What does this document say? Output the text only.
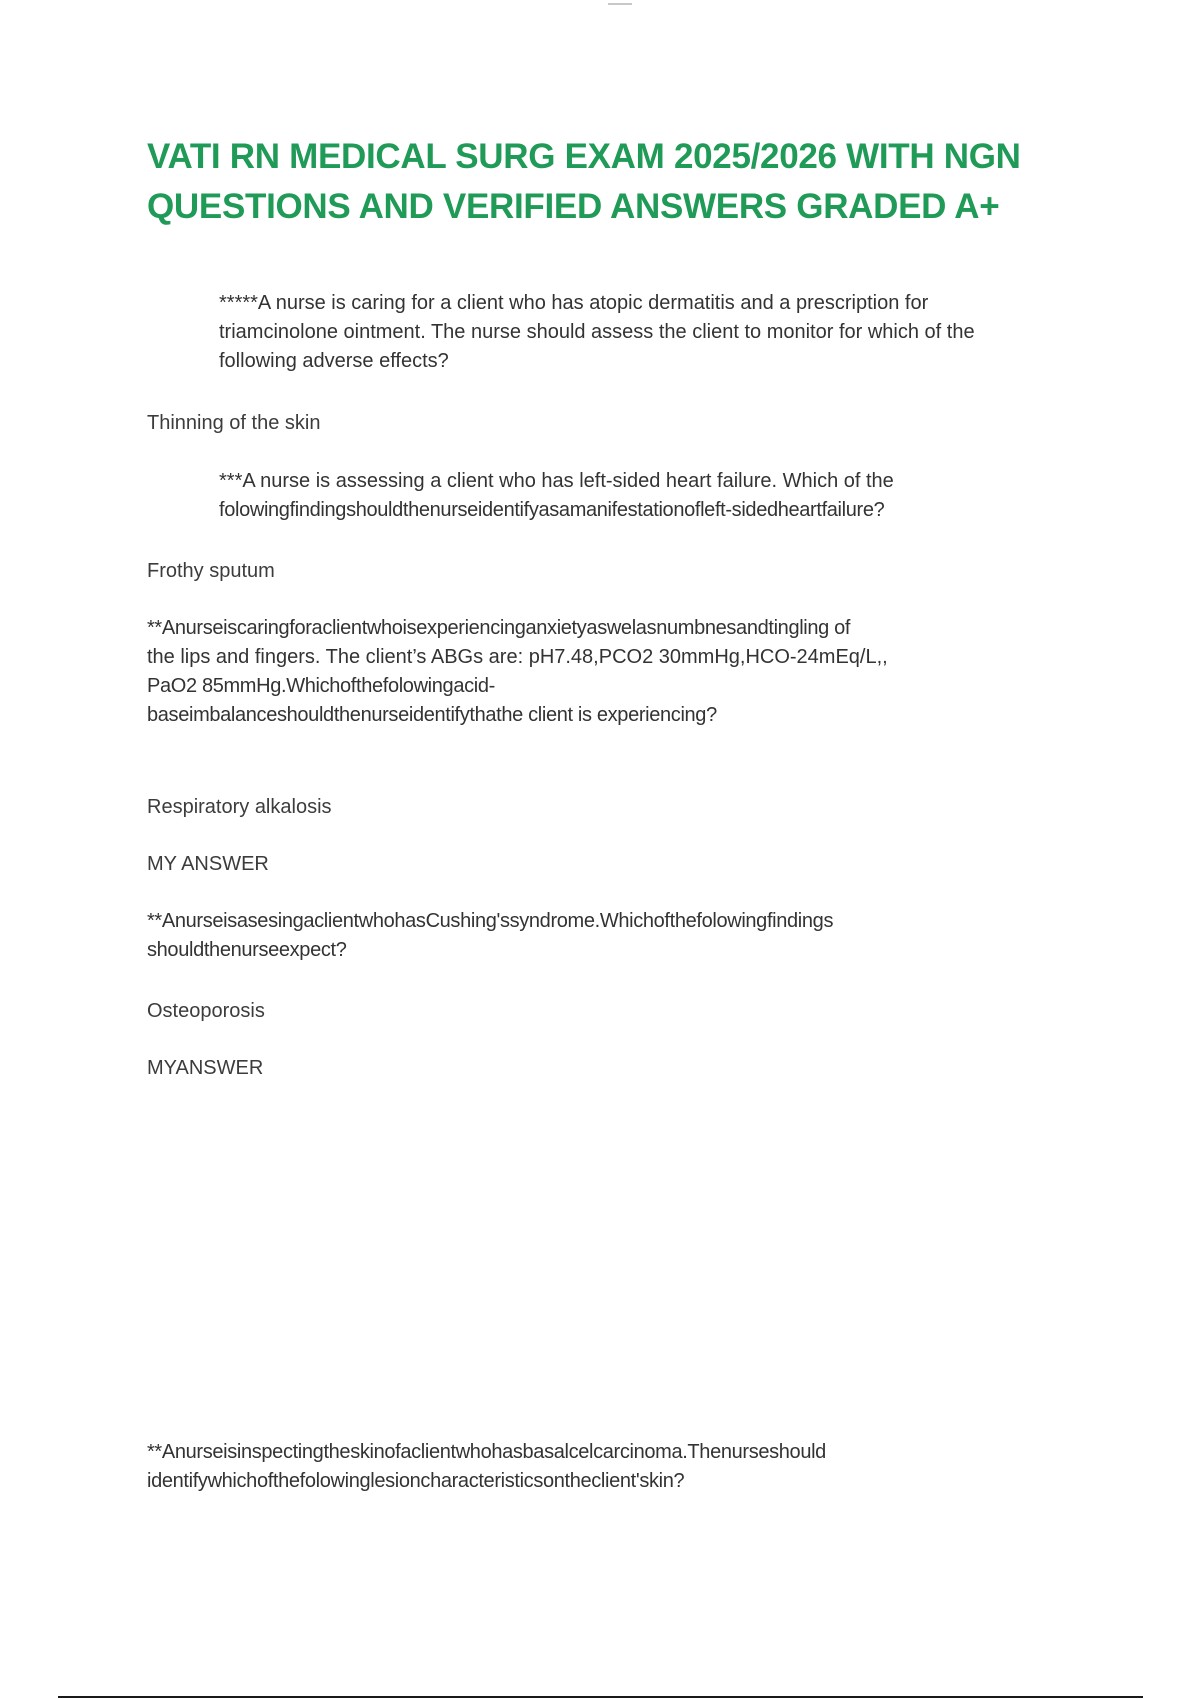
VATI RN MEDICAL SURG EXAM 2025/2026 WITH NGN
QUESTIONS AND VERIFIED ANSWERS GRADED A+
*****A nurse is caring for a client who has atopic dermatitis and a prescription for
triamcinolone ointment. The nurse should assess the client to monitor for which of the
following adverse effects?

Thinning of the skin

***A nurse is assessing a client who has left-sided heart failure. Which of the
folowingfindingshouldthenurseidentifyasamanifestationofleft-sidedheartfailure?

Frothy sputum

**Anurseiscaringforaclientwhoisexperiencinganxietyaswelasnumbnesandtingling of
the lips and fingers. The client’s ABGs are: pH7.48,PCO2 30mmHg,HCO-24mEq/L,,
PaO2 85mmHg.Whichofthefolowingacid-
baseimbalanceshouldthenurseidentifythathe client is experiencing?

Respiratory alkalosis

MY ANSWER

**AnurseisasesingaclientwhohasCushing'ssyndrome.Whichofthefolowingfindings
shouldthenurseexpect?

Osteoporosis

MYANSWER

**Anurseisinspectingtheskinofaclientwhohasbasalcelcarcinoma.Thenurseshould
identifywhichofthefolowinglesioncharacteristicsontheclient'skin?
